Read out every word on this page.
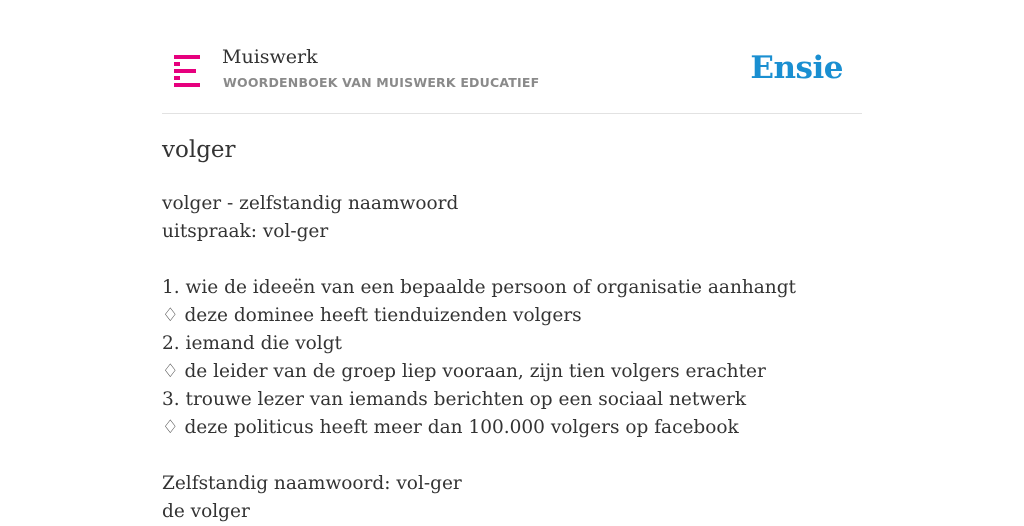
Muiswerk
WOORDENBOEK VAN MUISWERK EDUCATIEF	Ensie
volger
volger - zelfstandig naamwoord
uitspraak: vol-ger
1. wie de ideeën van een bepaalde persoon of organisatie aanhangt
♢ deze dominee heeft tienduizenden volgers
2. iemand die volgt
♢ de leider van de groep liep vooraan, zijn tien volgers erachter
3. trouwe lezer van iemands berichten op een sociaal netwerk
♢ deze politicus heeft meer dan 100.000 volgers op facebook
Zelfstandig naamwoord: vol-ger
de volger
